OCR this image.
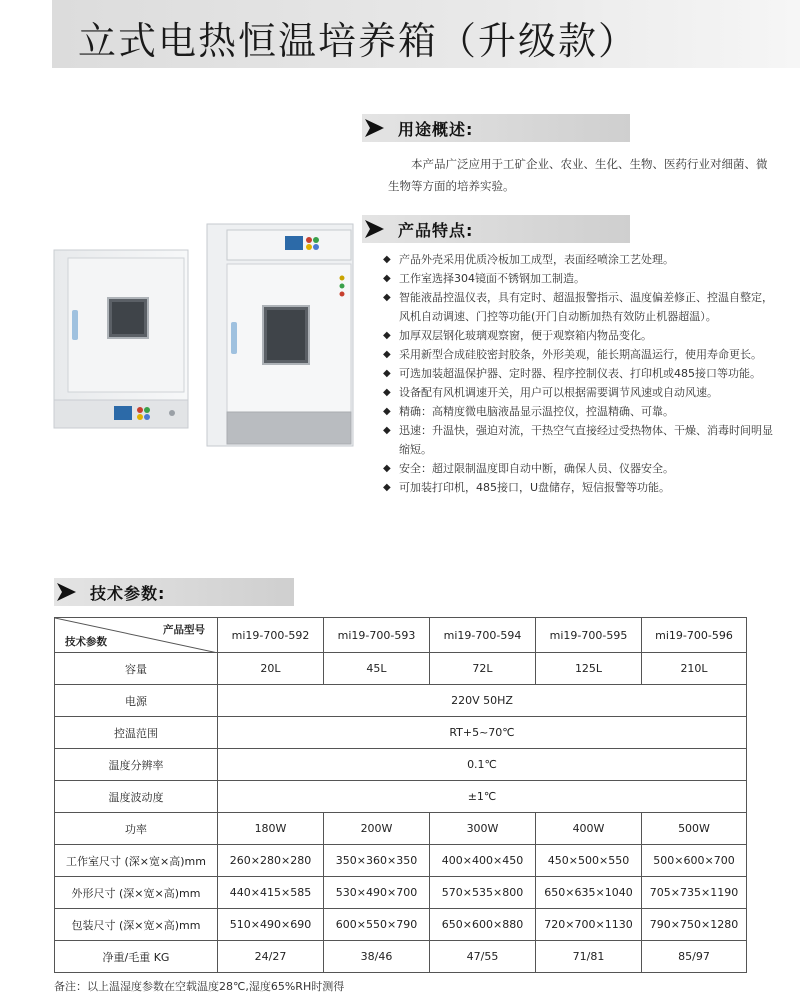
立式电热恒温培养箱（升级款）
用途概述:
本产品广泛应用于工矿企业、农业、生化、生物、医药行业对细菌、微生物等方面的培养实验。
产品特点:
◆ 产品外壳采用优质冷板加工成型，表面经喷涂工艺处理。
◆ 工作室选择304镜面不锈钢加工制造。
◆ 智能液晶控温仪表，具有定时、超温报警指示、温度偏差修正、控温自整定，风机自动调速、门控等功能(开门自动断加热有效防止机器超温）。
◆ 加厚双层钢化玻璃观察窗，便于观察箱内物品变化。
◆ 采用新型合成硅胶密封胶条，外形美观，能长期高温运行，使用寿命更长。
◆ 可选加装超温保护器、定时器、程序控制仪表、打印机或485接口等功能。
◆ 设备配有风机调速开关，用户可以根据需要调节风速或自动风速。
◆ 精确：高精度微电脑液晶显示温控仪，控温精确、可靠。
◆ 迅速：升温快，强迫对流，干热空气直接经过受热物体、干燥、消毒时间明显缩短。
◆ 安全：超过限制温度即自动中断，确保人员、仪器安全。
◆ 可加装打印机，485接口，U盘储存，短信报警等功能。
技术参数:
产品型号
技术参数	mi19-700-592	mi19-700-593	mi19-700-594	mi19-700-595	mi19-700-596
容量	20L	45L	72L	125L	210L
电源	220V 50HZ				
控温范围	RT+5~70℃				
温度分辨率	0.1℃				
温度波动度	±1℃				
功率	180W	200W	300W	400W	500W
工作室尺寸 (深×宽×高)mm	260×280×280	350×360×350	400×400×450	450×500×550	500×600×700
外形尺寸 (深×宽×高)mm	440×415×585	530×490×700	570×535×800	650×635×1040	705×735×1190
包装尺寸 (深×宽×高)mm	510×490×690	600×550×790	650×600×880	720×700×1130	790×750×1280
净重/毛重 KG	24/27	38/46	47/55	71/81	85/97
备注：以上温湿度参数在空载温度28℃,湿度65%RH时测得
